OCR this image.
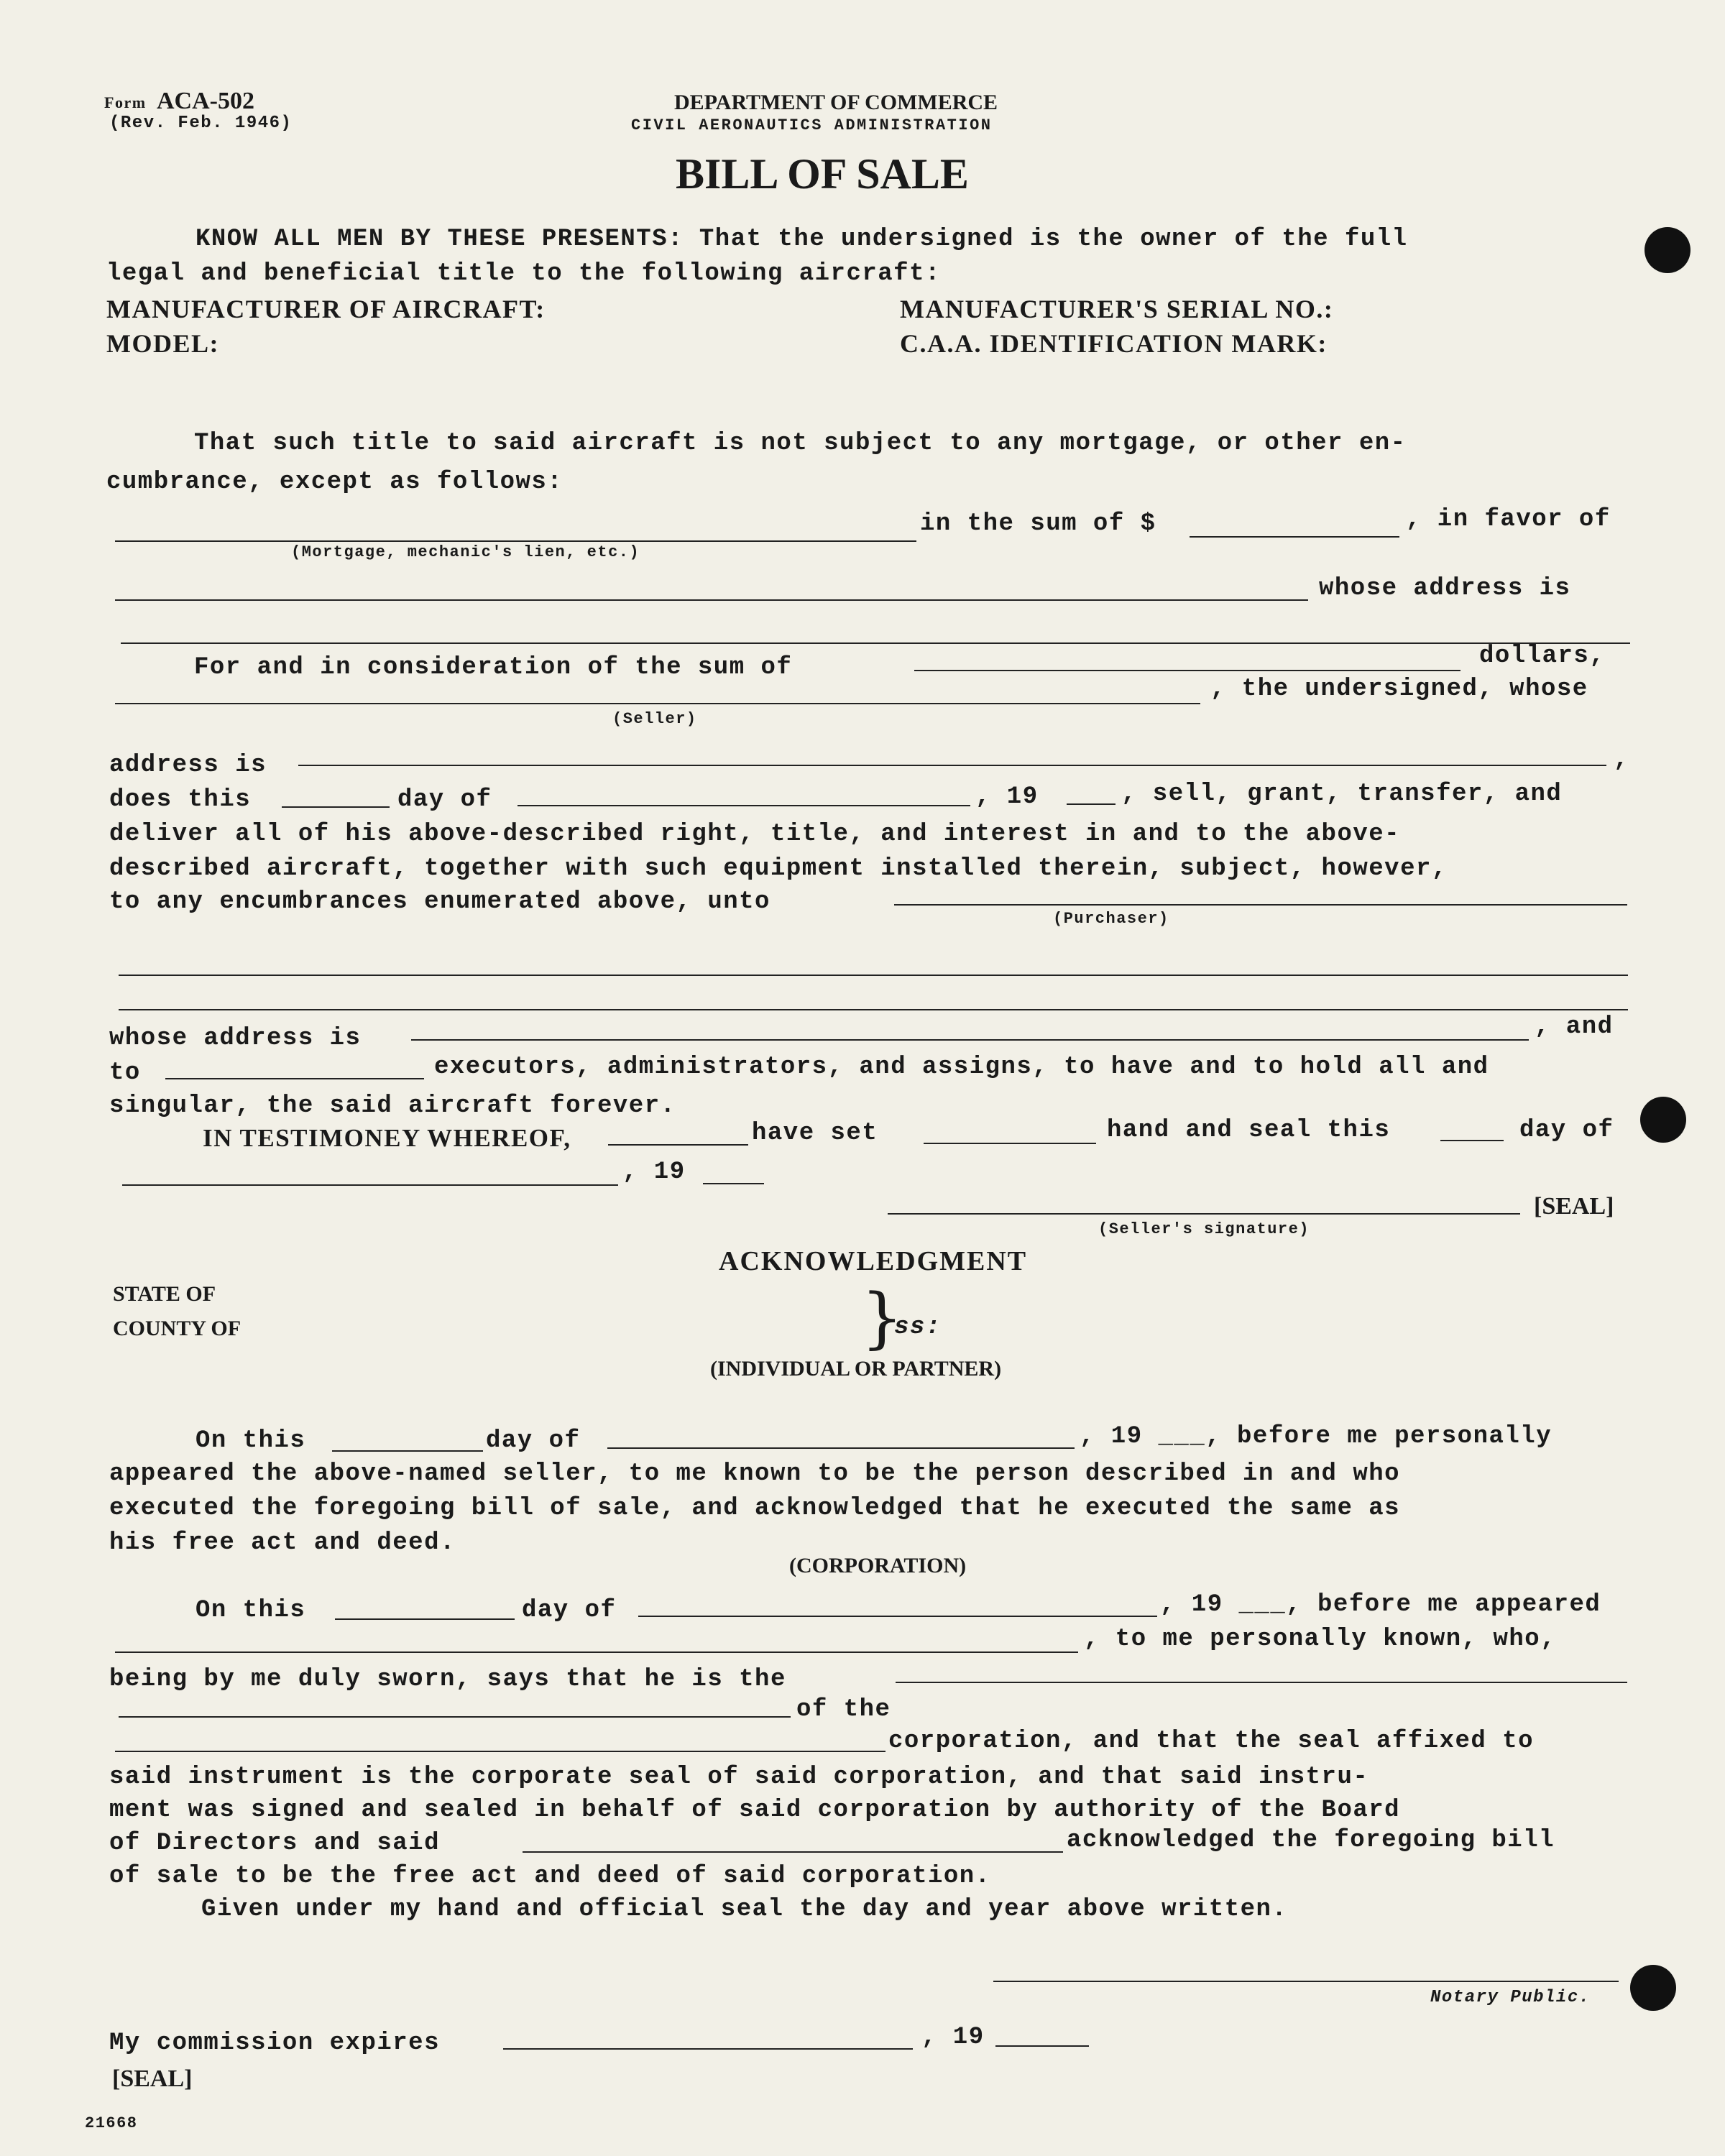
Form ACA-502
(Rev. Feb. 1946)
DEPARTMENT OF COMMERCE
CIVIL AERONAUTICS ADMINISTRATION
BILL OF SALE
KNOW ALL MEN BY THESE PRESENTS: That the undersigned is the owner of the full
legal and beneficial title to the following aircraft:
MANUFACTURER OF AIRCRAFT:	MANUFACTURER'S SERIAL NO.:
MODEL:	C.A.A. IDENTIFICATION MARK:
That such title to said aircraft is not subject to any mortgage, or other en-
cumbrance, except as follows:
in the sum of $	, in favor of
(Mortgage, mechanic's lien, etc.)
whose address is
For and in consideration of the sum of	dollars,
, the undersigned, whose
(Seller)
address is	,
does this	day of	, 19	, sell, grant, transfer, and
deliver all of his above-described right, title, and interest in and to the above-
described aircraft, together with such equipment installed therein, subject, however,
to any encumbrances enumerated above, unto
(Purchaser)
whose address is	, and
to	executors, administrators, and assigns, to have and to hold all and
singular, the said aircraft forever.
IN TESTIMONEY WHEREOF,	have set	hand and seal this	day of
, 19
[SEAL]
(Seller's signature)
ACKNOWLEDGMENT
STATE OF
COUNTY OF	}
ss:
(INDIVIDUAL OR PARTNER)
On this	day of	, 19 ___, before me personally
appeared the above-named seller, to me known to be the person described in and who
executed the foregoing bill of sale, and acknowledged that he executed the same as
his free act and deed.
(CORPORATION)
On this	day of	, 19 ___, before me appeared
, to me personally known, who,
being by me duly sworn, says that he is the
of the
corporation, and that the seal affixed to
said instrument is the corporate seal of said corporation, and that said instru-
ment was signed and sealed in behalf of said corporation by authority of the Board
of Directors and said	acknowledged the foregoing bill
of sale to be the free act and deed of said corporation.
Given under my hand and official seal the day and year above written.
Notary Public.
My commission expires	, 19
[SEAL]
21668
